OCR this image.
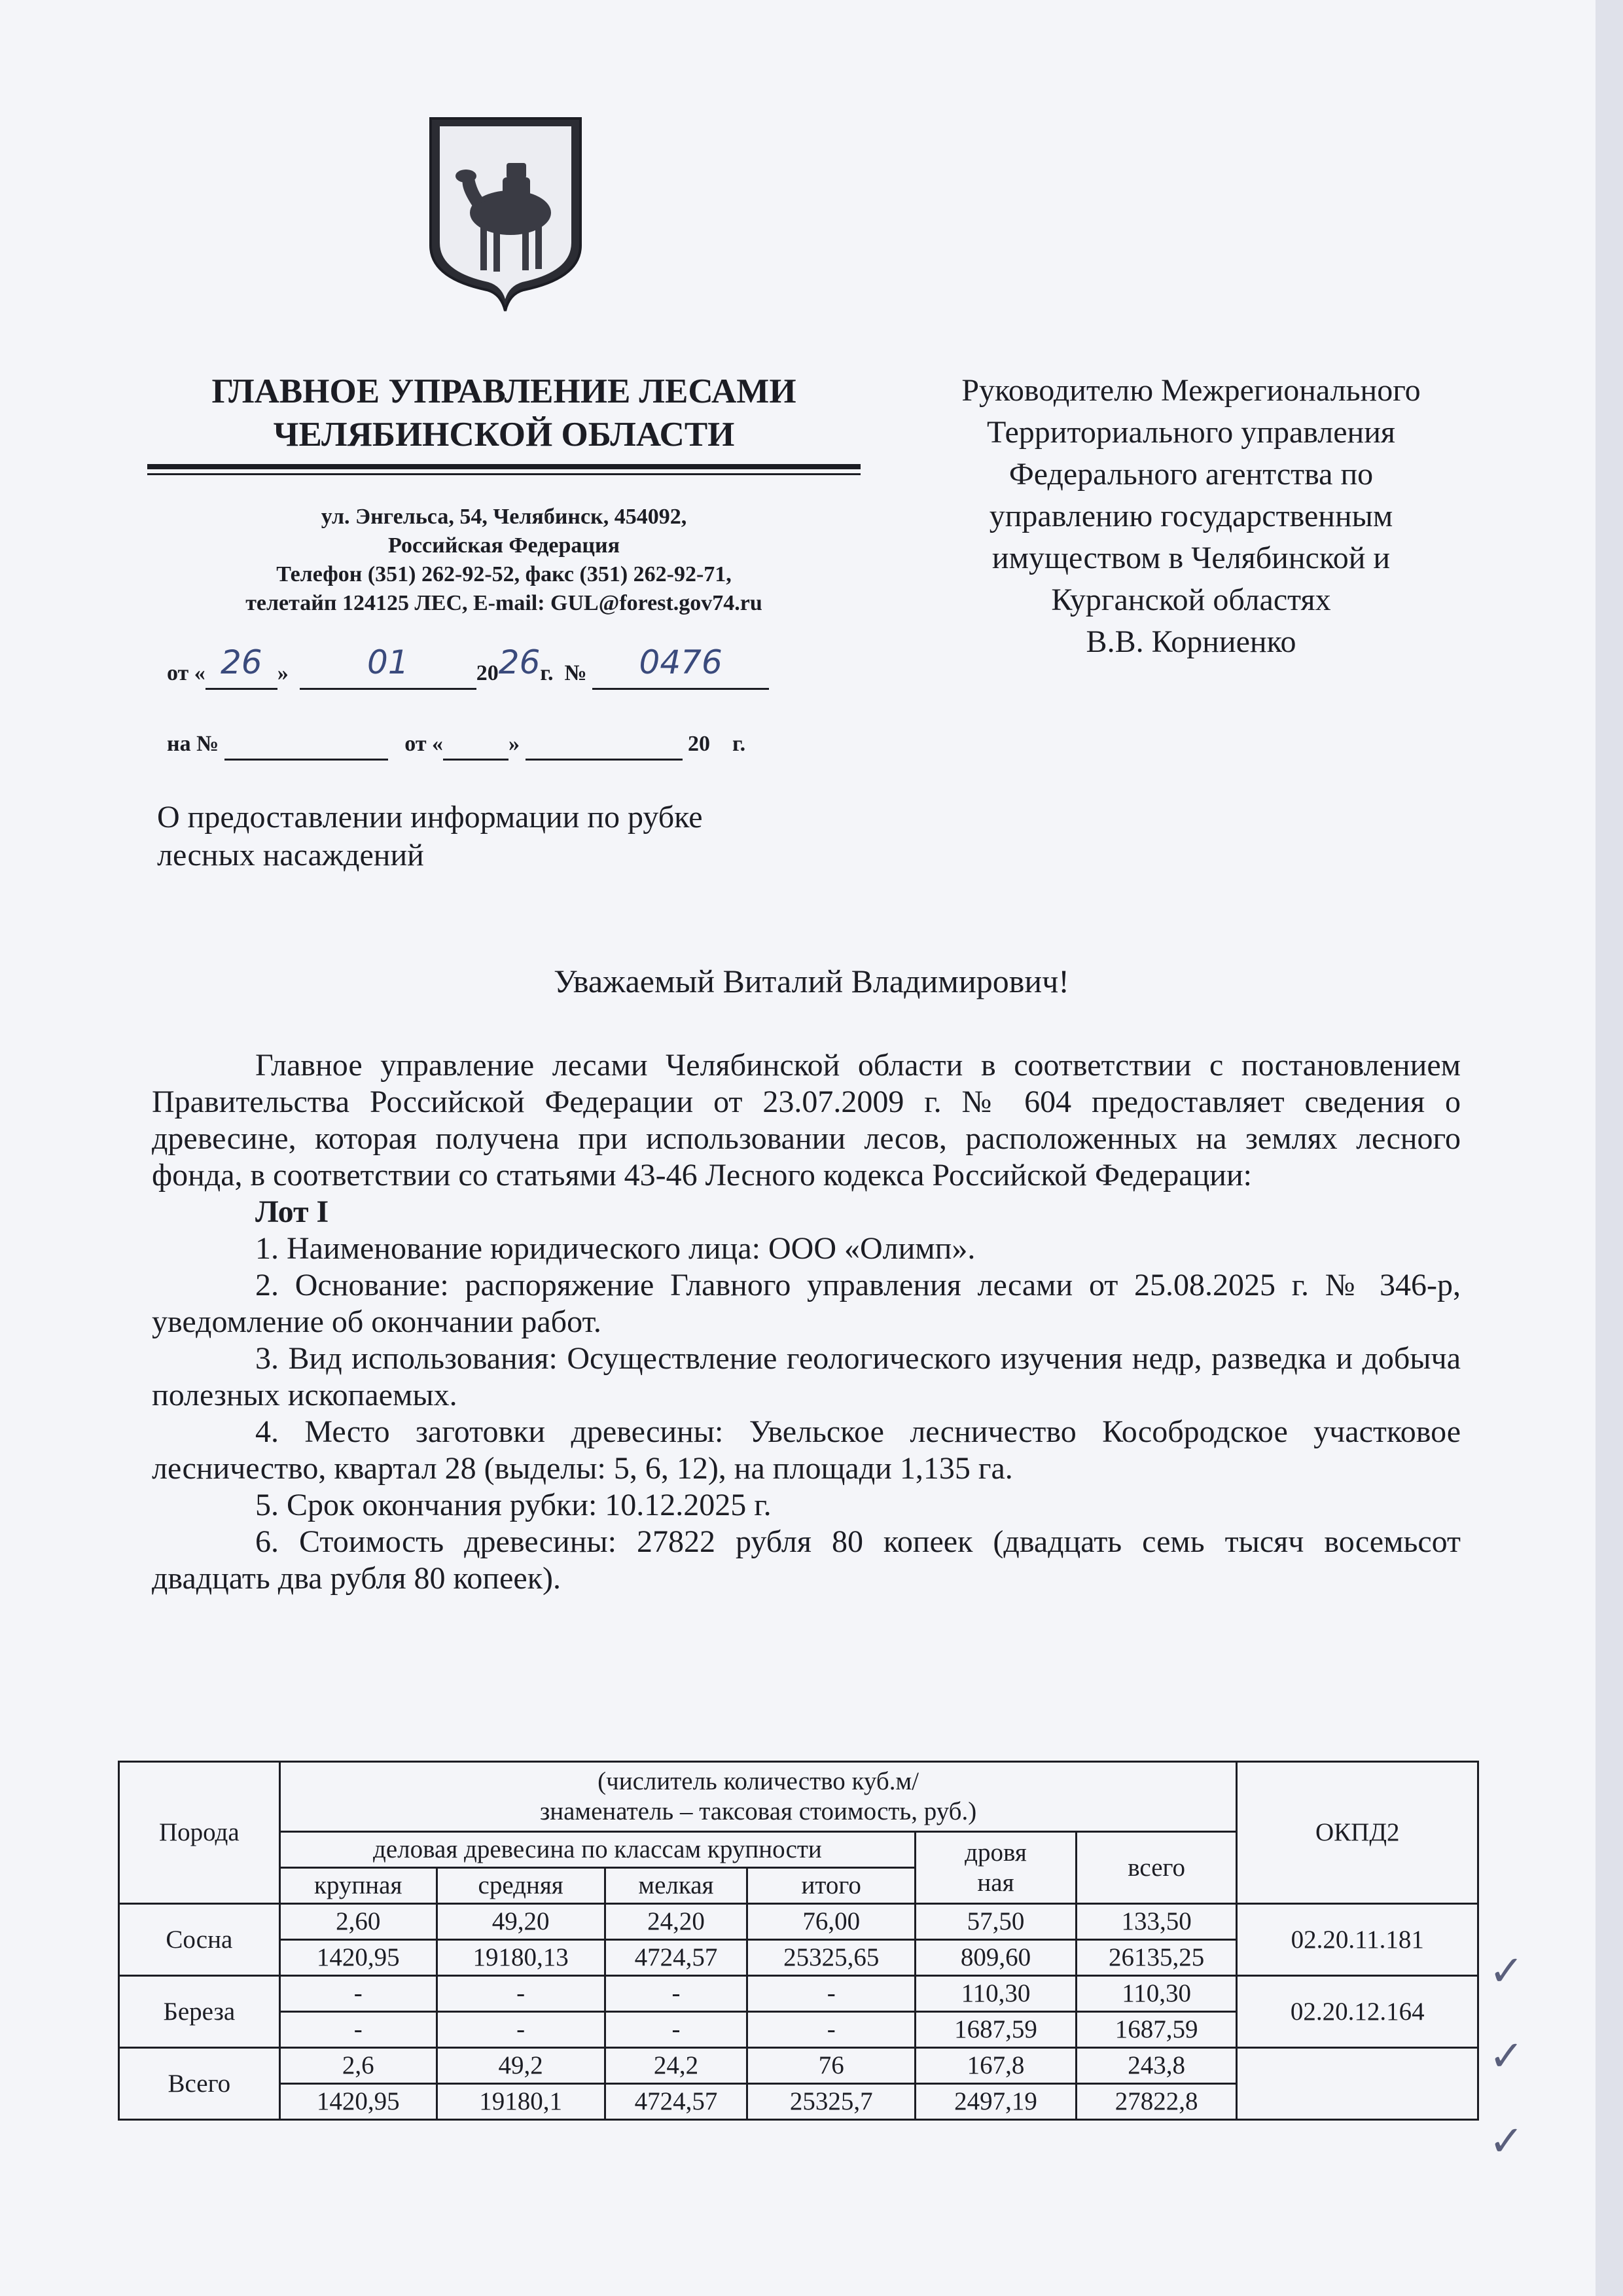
ГЛАВНОЕ УПРАВЛЕНИЕ ЛЕСАМИ
ЧЕЛЯБИНСКОЙ ОБЛАСТИ
ул. Энгельса, 54, Челябинск, 454092,
Российская Федерация
Телефон (351) 262-92-52, факс (351) 262-92-71,
телетайп 124125 ЛЕС, E-mail: GUL@forest.gov74.ru
от « 26 »  01	2026г. № 0476
на №	от «	»	20 г.
Руководителю Межрегионального
Территориального управления
Федерального агентства по
управлению государственным
имуществом в Челябинской и
Курганской областях
В.В. Корниенко
О предоставлении информации по рубке
лесных насаждений
Уважаемый Виталий Владимирович!

Главное управление лесами Челябинской области в соответствии с постановлением Правительства Российской Федерации от 23.07.2009 г. № 604 предоставляет сведения о древесине, которая получена при использовании лесов, расположенных на землях лесного фонда, в соответствии со статьями 43-46 Лесного кодекса Российской Федерации:

Лот I

1. Наименование юридического лица: ООО «Олимп».

2. Основание: распоряжение Главного управления лесами от 25.08.2025 г. № 346-р, уведомление об окончании работ.

3. Вид использования: Осуществление геологического изучения недр, разведка и добыча полезных ископаемых.

4. Место заготовки древесины: Увельское лесничество Кособродское участковое лесничество, квартал 28 (выделы: 5, 6, 12), на площади 1,135 га.

5. Срок окончания рубки: 10.12.2025 г.

6. Стоимость древесины: 27822 рубля 80 копеек (двадцать семь тысяч восемьсот двадцать два рубля 80 копеек).

Порода	(числитель количество куб.м/
знаменатель – таксовая стоимость, руб.)						ОКПД2
	деловая древесина по классам крупности				дровя
ная	всего	
	крупная	средняя	мелкая	итого			

Сосна	2,60	49,20	24,20	76,00	57,50	133,50	02.20.11.181
	1420,95	19180,13	4724,57	25325,65	809,60	26135,25	
Береза	-	-	-	-	110,30	110,30	02.20.12.164
	-	-	-	-	1687,59	1687,59	
Всего	2,6	49,2	24,2	76	167,8	243,8	
	1420,95	19180,1	4724,57	25325,7	2497,19	27822,8	
✓
✓
✓
